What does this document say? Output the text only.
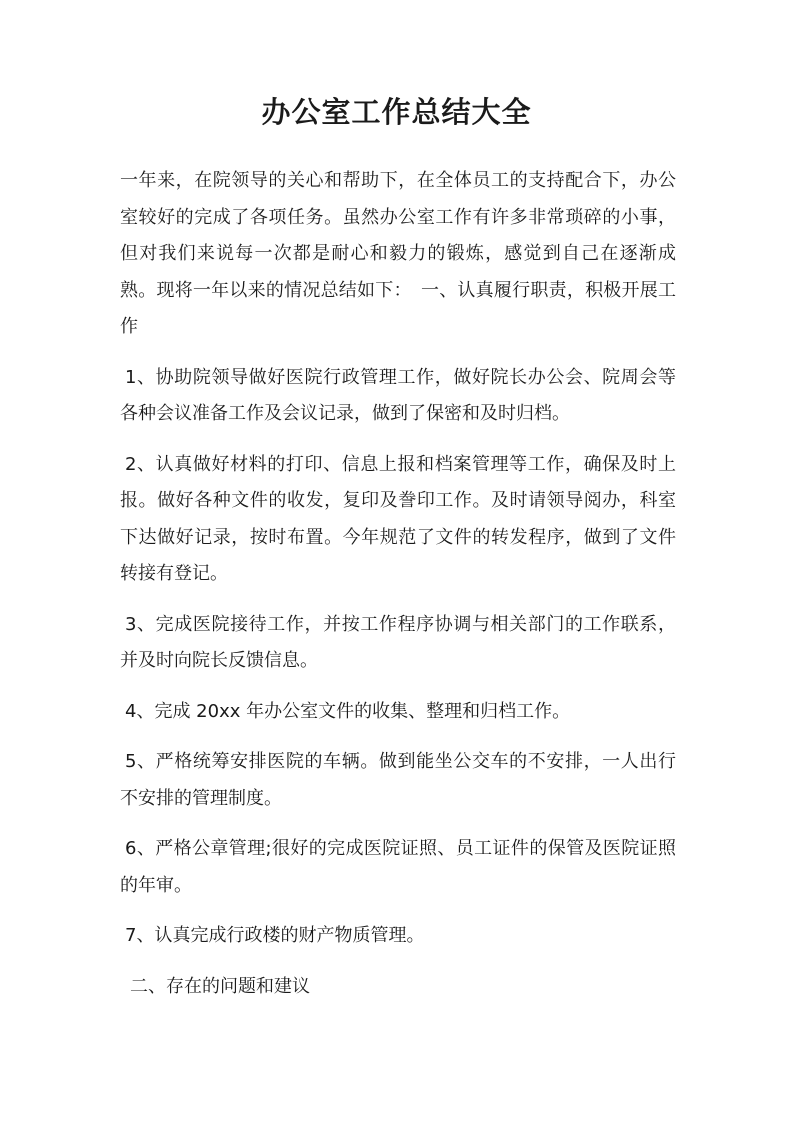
办公室工作总结大全

一年来，在院领导的关心和帮助下，在全体员工的支持配合下，办公室较好的完成了各项任务。虽然办公室工作有许多非常琐碎的小事，但对我们来说每一次都是耐心和毅力的锻炼，感觉到自己在逐渐成熟。现将一年以来的情况总结如下：　一、认真履行职责，积极开展工作

1、协助院领导做好医院行政管理工作，做好院长办公会、院周会等各种会议准备工作及会议记录，做到了保密和及时归档。

2、认真做好材料的打印、信息上报和档案管理等工作，确保及时上报。做好各种文件的收发，复印及誊印工作。及时请领导阅办，科室下达做好记录，按时布置。今年规范了文件的转发程序，做到了文件转接有登记。

3、完成医院接待工作，并按工作程序协调与相关部门的工作联系，并及时向院长反馈信息。

4、完成 20xx 年办公室文件的收集、整理和归档工作。

5、严格统筹安排医院的车辆。做到能坐公交车的不安排，一人出行不安排的管理制度。

6、严格公章管理;很好的完成医院证照、员工证件的保管及医院证照的年审。

7、认真完成行政楼的财产物质管理。

二、存在的问题和建议
